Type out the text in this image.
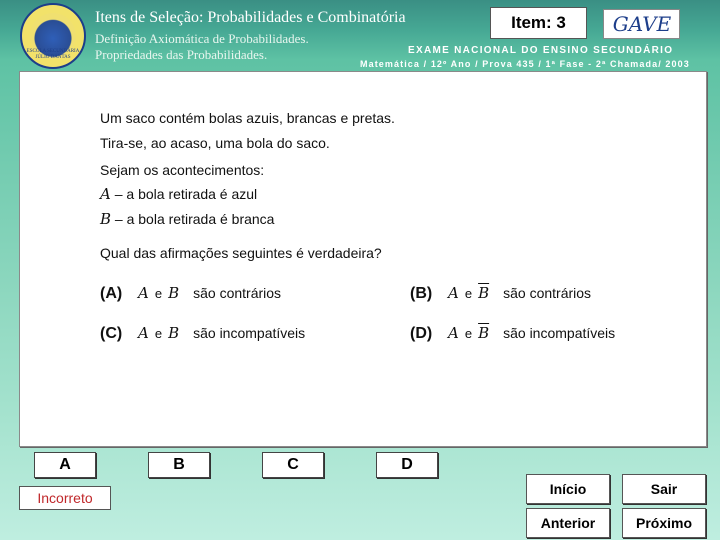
ESCOLA SECUNDÁRIA JÚLIO DANTAS
Itens de Seleção: Probabilidades e Combinatória
Definição Axiomática de Probabilidades.
Propriedades das Probabilidades.
Item: 3 GAVE
EXAME NACIONAL DO ENSINO SECUNDÁRIO
Matemática / 12º Ano / Prova 435 / 1ª Fase - 2ª Chamada/ 2003
Um saco contém bolas azuis, brancas e pretas.
Tira-se, ao acaso, uma bola do saco.
Sejam os acontecimentos:
A – a bola retirada é azul
B – a bola retirada é branca
Qual das afirmações seguintes é verdadeira?
(A) A e B são contrários	(B) A e $\overline{B}$ são contrários
(C) A e B são incompatíveis	(D) A e $\overline{B}$ são incompatíveis
A	B	C	D
Incorreto
Início	Sair
Anterior	Próximo
